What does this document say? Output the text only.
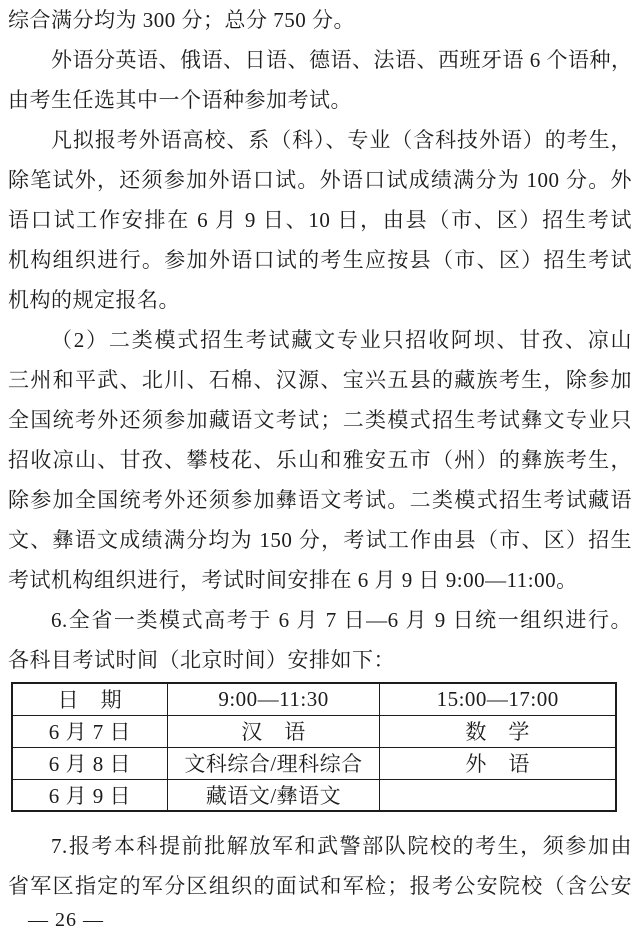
综合满分均为 300 分；总分 750 分。
外语分英语、俄语、日语、德语、法语、西班牙语 6 个语种，
由考生任选其中一个语种参加考试。
凡拟报考外语高校、系（科）、专业（含科技外语）的考生，
除笔试外，还须参加外语口试。外语口试成绩满分为 100 分。外
语口试工作安排在 6 月 9 日、10 日，由县（市、区）招生考试
机构组织进行。参加外语口试的考生应按县（市、区）招生考试
机构的规定报名。
（2）二类模式招生考试藏文专业只招收阿坝、甘孜、凉山
三州和平武、北川、石棉、汉源、宝兴五县的藏族考生，除参加
全国统考外还须参加藏语文考试；二类模式招生考试彝文专业只
招收凉山、甘孜、攀枝花、乐山和雅安五市（州）的彝族考生，
除参加全国统考外还须参加彝语文考试。二类模式招生考试藏语
文、彝语文成绩满分均为 150 分，考试工作由县（市、区）招生
考试机构组织进行，考试时间安排在 6 月 9 日 9:00—11:00。
6.全省一类模式高考于 6 月 7 日—6 月 9 日统一组织进行。
各科目考试时间（北京时间）安排如下：
日　期	9:00—11:30	15:00—17:00
6 月 7 日	汉　语	数　学
6 月 8 日	文科综合/理科综合	外　语
6 月 9 日	藏语文/彝语文	
7.报考本科提前批解放军和武警部队院校的考生，须参加由
省军区指定的军分区组织的面试和军检；报考公安院校（含公安
— 26 —
